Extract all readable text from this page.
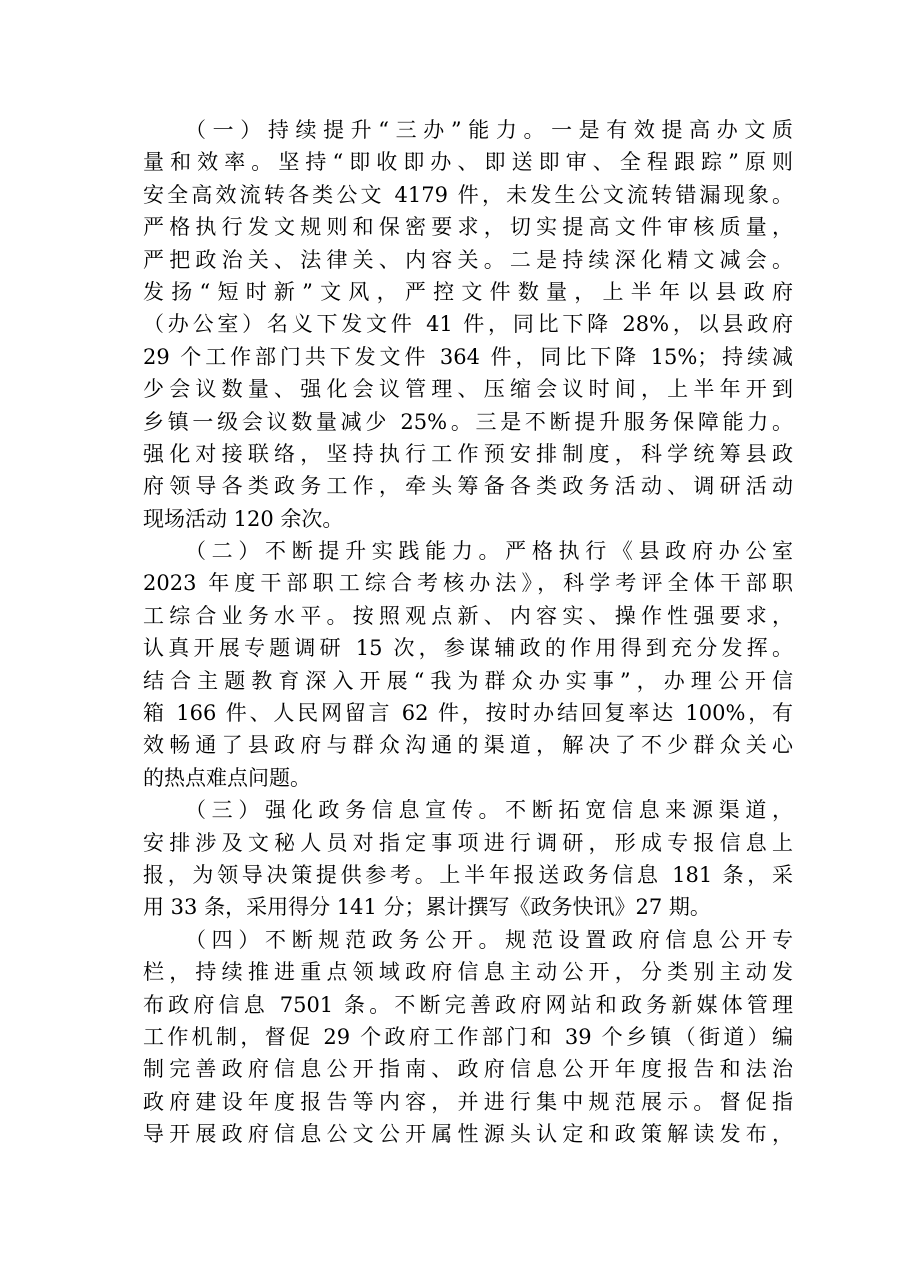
（一）持续提升“三办”能力。一是有效提高办文质
量和效率。坚持“即收即办、即送即审、全程跟踪”原则
安全高效流转各类公文 4179 件，未发生公文流转错漏现象。
严格执行发文规则和保密要求，切实提高文件审核质量，
严把政治关、法律关、内容关。二是持续深化精文减会。
发扬“短时新”文风，严控文件数量，上半年以县政府
（办公室）名义下发文件 41 件，同比下降 28%，以县政府
29 个工作部门共下发文件 364 件，同比下降 15%；持续减
少会议数量、强化会议管理、压缩会议时间，上半年开到
乡镇一级会议数量减少 25%。三是不断提升服务保障能力。
强化对接联络，坚持执行工作预安排制度，科学统筹县政
府领导各类政务工作，牵头筹备各类政务活动、调研活动
现场活动 120 余次。
（二）不断提升实践能力。严格执行《县政府办公室
2023 年度干部职工综合考核办法》，科学考评全体干部职
工综合业务水平。按照观点新、内容实、操作性强要求，
认真开展专题调研 15 次，参谋辅政的作用得到充分发挥。
结合主题教育深入开展“我为群众办实事”，办理公开信
箱 166 件、人民网留言 62 件，按时办结回复率达 100%，有
效畅通了县政府与群众沟通的渠道，解决了不少群众关心
的热点难点问题。
（三）强化政务信息宣传。不断拓宽信息来源渠道，
安排涉及文秘人员对指定事项进行调研，形成专报信息上
报，为领导决策提供参考。上半年报送政务信息 181 条，采
用 33 条，采用得分 141 分；累计撰写《政务快讯》27 期。
（四）不断规范政务公开。规范设置政府信息公开专
栏，持续推进重点领域政府信息主动公开，分类别主动发
布政府信息 7501 条。不断完善政府网站和政务新媒体管理
工作机制，督促 29 个政府工作部门和 39 个乡镇（街道）编
制完善政府信息公开指南、政府信息公开年度报告和法治
政府建设年度报告等内容，并进行集中规范展示。督促指
导开展政府信息公文公开属性源头认定和政策解读发布，
